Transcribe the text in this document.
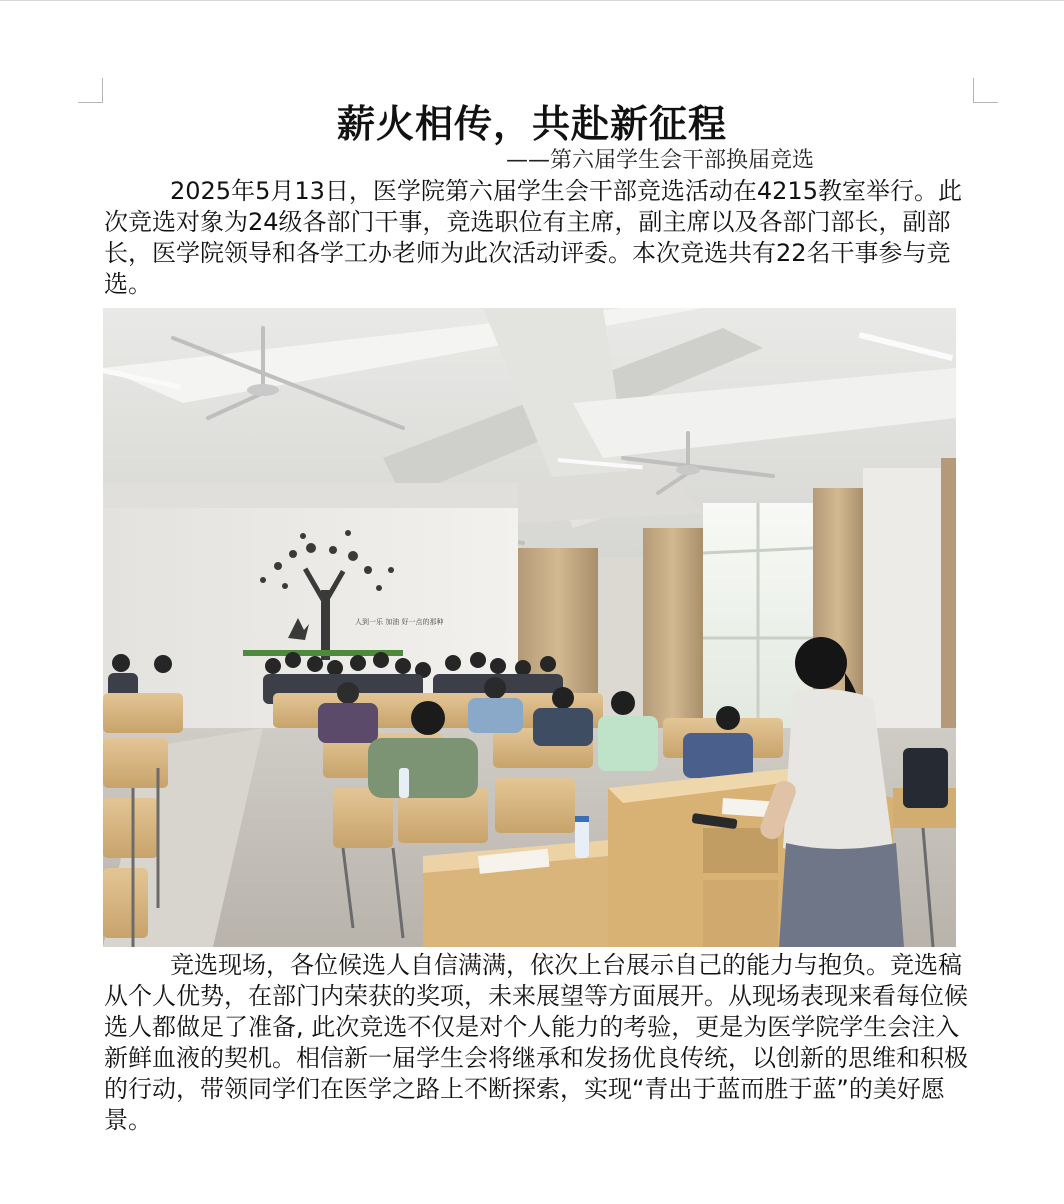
薪火相传，共赴新征程
——第六届学生会干部换届竞选

2025年5月13日，医学院第六届学生会干部竞选活动在4215教室举行。此次竞选对象为24级各部门干事，竞选职位有主席，副主席以及各部门部长，副部长，医学院领导和各学工办老师为此次活动评委。本次竞选共有22名干事参与竞选。

人到一乐 加油 好一点的那种

竞选现场，各位候选人自信满满，依次上台展示自己的能力与抱负。竞选稿从个人优势，在部门内荣获的奖项，未来展望等方面展开。从现场表现来看每位候选人都做足了准备, 此次竞选不仅是对个人能力的考验，更是为医学院学生会注入新鲜血液的契机。相信新一届学生会将继承和发扬优良传统，以创新的思维和积极的行动，带领同学们在医学之路上不断探索，实现“青出于蓝而胜于蓝”的美好愿景。
